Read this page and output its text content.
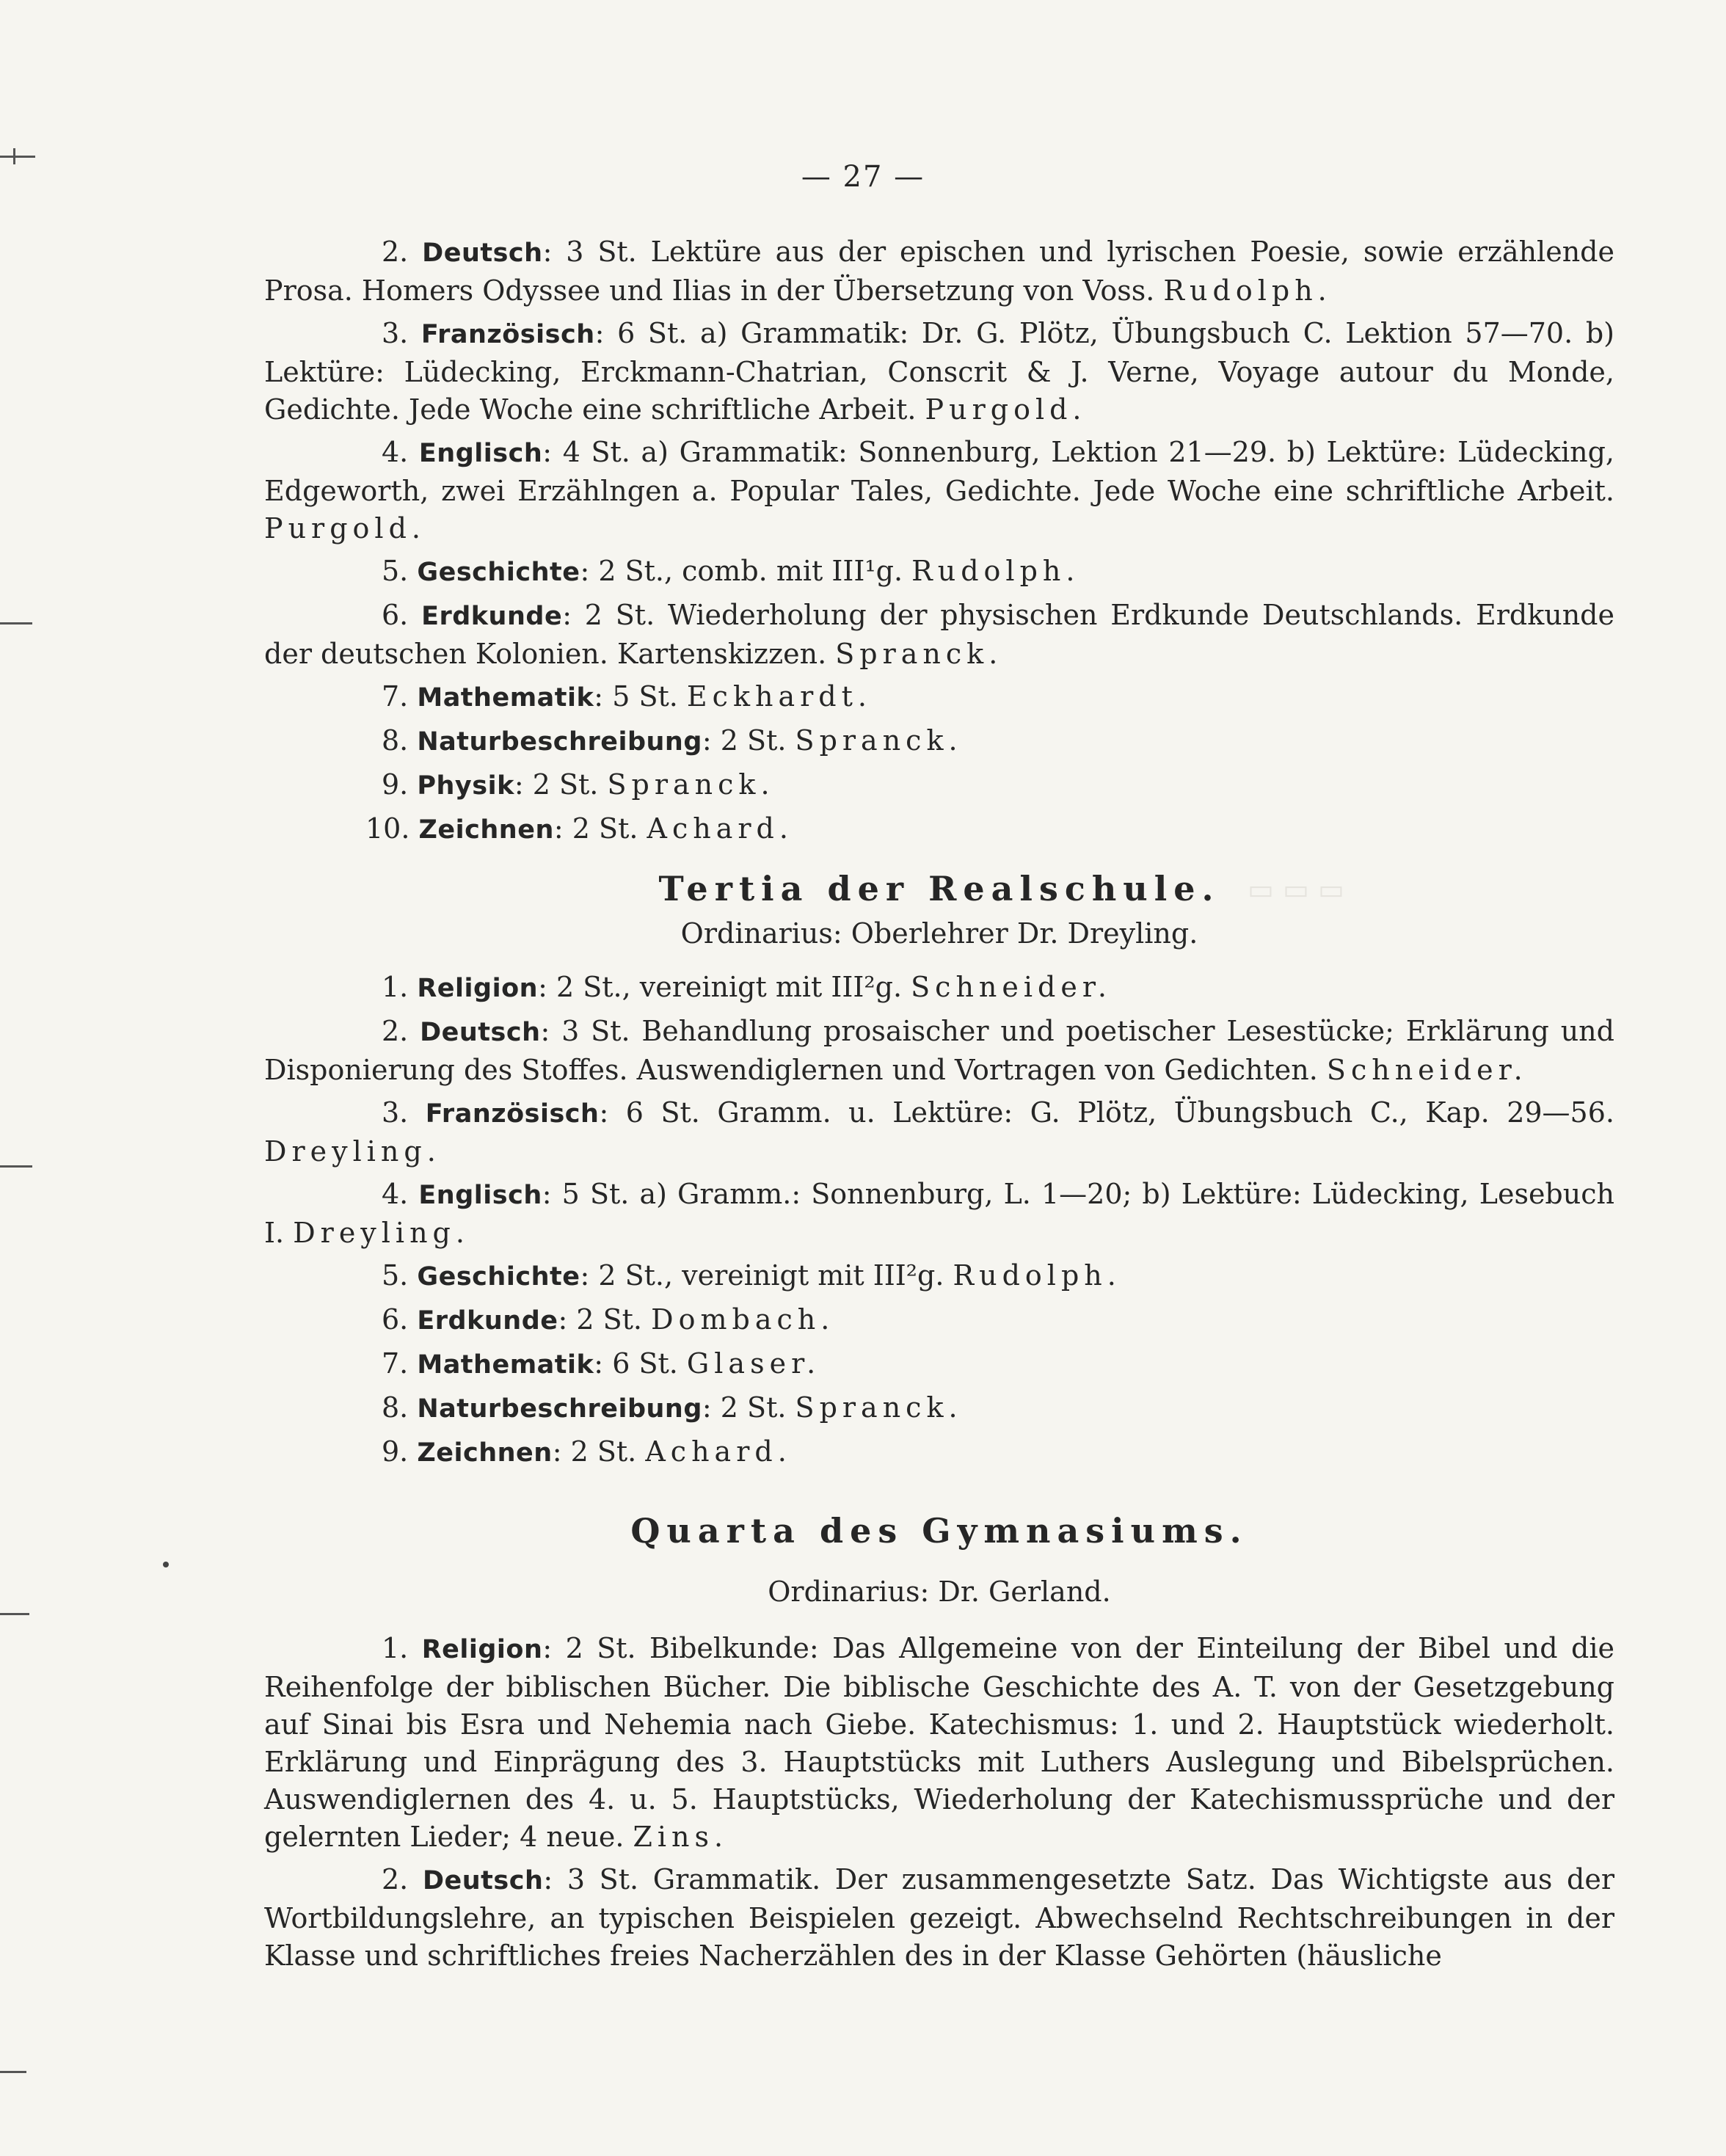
▭ ▭ ▭
— 27 —

2. Deutsch: 3 St. Lektüre aus der epischen und lyrischen Poesie, sowie erzählende Prosa. Homers Odyssee und Ilias in der Übersetzung von Voss. Rudolph.

3. Französisch: 6 St. a) Grammatik: Dr. G. Plötz, Übungsbuch C. Lektion 57—70. b) Lektüre: Lüdecking, Erckmann-Chatrian, Conscrit & J. Verne, Voyage autour du Monde, Gedichte. Jede Woche eine schriftliche Arbeit. Purgold.

4. Englisch: 4 St. a) Grammatik: Sonnenburg, Lektion 21—29. b) Lektüre: Lüdecking, Edgeworth, zwei Erzählngen a. Popular Tales, Gedichte. Jede Woche eine schriftliche Arbeit. Purgold.

5. Geschichte: 2 St., comb. mit III¹g. Rudolph.

6. Erdkunde: 2 St. Wiederholung der physischen Erdkunde Deutschlands. Erdkunde der deutschen Kolonien. Kartenskizzen. Spranck.

7. Mathematik: 5 St. Eckhardt.

8. Naturbeschreibung: 2 St. Spranck.

9. Physik: 2 St. Spranck.

10. Zeichnen: 2 St. Achard.

Tertia der Realschule.
Ordinarius: Oberlehrer Dr. Dreyling.

1. Religion: 2 St., vereinigt mit III²g. Schneider.

2. Deutsch: 3 St. Behandlung prosaischer und poetischer Lesestücke; Erklärung und Disponierung des Stoffes. Auswendiglernen und Vortragen von Gedichten. Schneider.

3. Französisch: 6 St. Gramm. u. Lektüre: G. Plötz, Übungsbuch C., Kap. 29—56. Dreyling.

4. Englisch: 5 St. a) Gramm.: Sonnenburg, L. 1—20; b) Lektüre: Lüdecking, Lesebuch I. Dreyling.

5. Geschichte: 2 St., vereinigt mit III²g. Rudolph.

6. Erdkunde: 2 St. Dombach.

7. Mathematik: 6 St. Glaser.

8. Naturbeschreibung: 2 St. Spranck.

9. Zeichnen: 2 St. Achard.

Quarta des Gymnasiums.
Ordinarius: Dr. Gerland.

1. Religion: 2 St. Bibelkunde: Das Allgemeine von der Einteilung der Bibel und die Reihenfolge der biblischen Bücher. Die biblische Geschichte des A. T. von der Gesetzgebung auf Sinai bis Esra und Nehemia nach Giebe. Katechismus: 1. und 2. Hauptstück wiederholt. Erklärung und Einprägung des 3. Hauptstücks mit Luthers Auslegung und Bibelsprüchen. Auswendiglernen des 4. u. 5. Hauptstücks, Wiederholung der Katechismussprüche und der gelernten Lieder; 4 neue. Zins.

2. Deutsch: 3 St. Grammatik. Der zusammengesetzte Satz. Das Wichtigste aus der Wortbildungslehre, an typischen Beispielen gezeigt. Abwechselnd Rechtschreibungen in der Klasse und schriftliches freies Nacherzählen des in der Klasse Gehörten (häusliche
